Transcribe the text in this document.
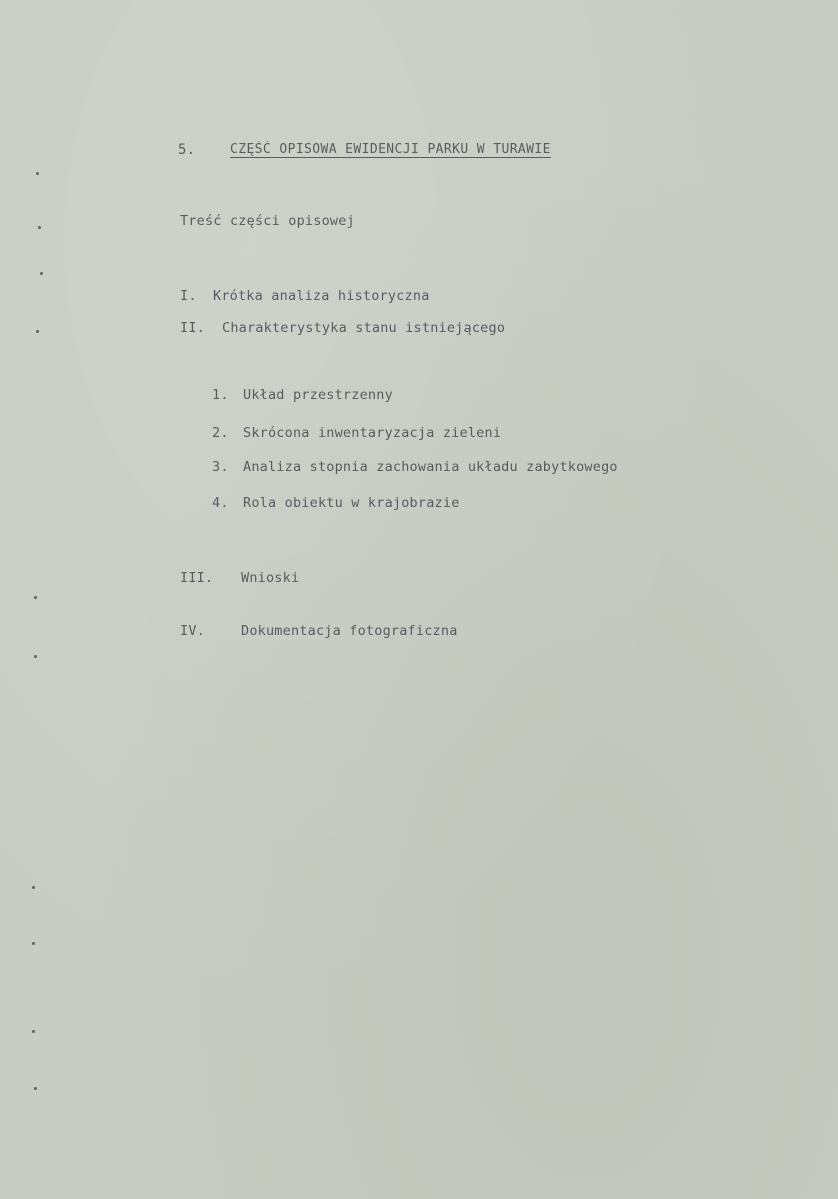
5.	CZĘŚĆ OPISOWA EWIDENCJI PARKU W TURAWIE
Treść części opisowej
I. Krótka analiza historyczna
II. Charakterystyka stanu istniejącego
1. Układ przestrzenny
2. Skrócona inwentaryzacja zieleni
3. Analiza stopnia zachowania układu zabytkowego
4. Rola obiektu w krajobrazie
III. Wnioski
IV.	Dokumentacja fotograficzna
